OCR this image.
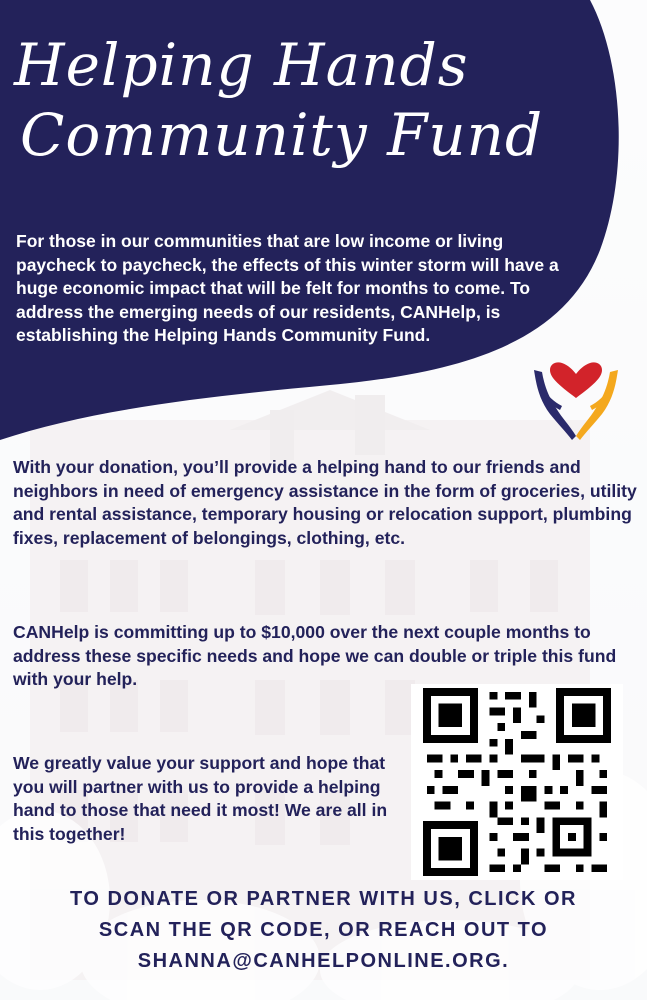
Helping Hands
Community Fund

For those in our communities that are low income or living paycheck to paycheck, the effects of this winter storm will have a huge economic impact that will be felt for months to come. To address the emerging needs of our residents, CANHelp, is establishing the Helping Hands Community Fund.

With your donation, you’ll provide a helping hand to our friends and neighbors in need of emergency assistance in the form of groceries, utility and rental assistance, temporary housing or relocation support, plumbing fixes, replacement of belongings, clothing, etc.

CANHelp is committing up to $10,000 over the next couple months to address these specific needs and hope we can double or triple this fund with your help.

We greatly value your support and hope that you will partner with us to provide a helping hand to those that need it most! We are all in this together!

TO DONATE OR PARTNER WITH US, CLICK OR
SCAN THE QR CODE, OR REACH OUT TO
SHANNA@CANHELPONLINE.ORG.
